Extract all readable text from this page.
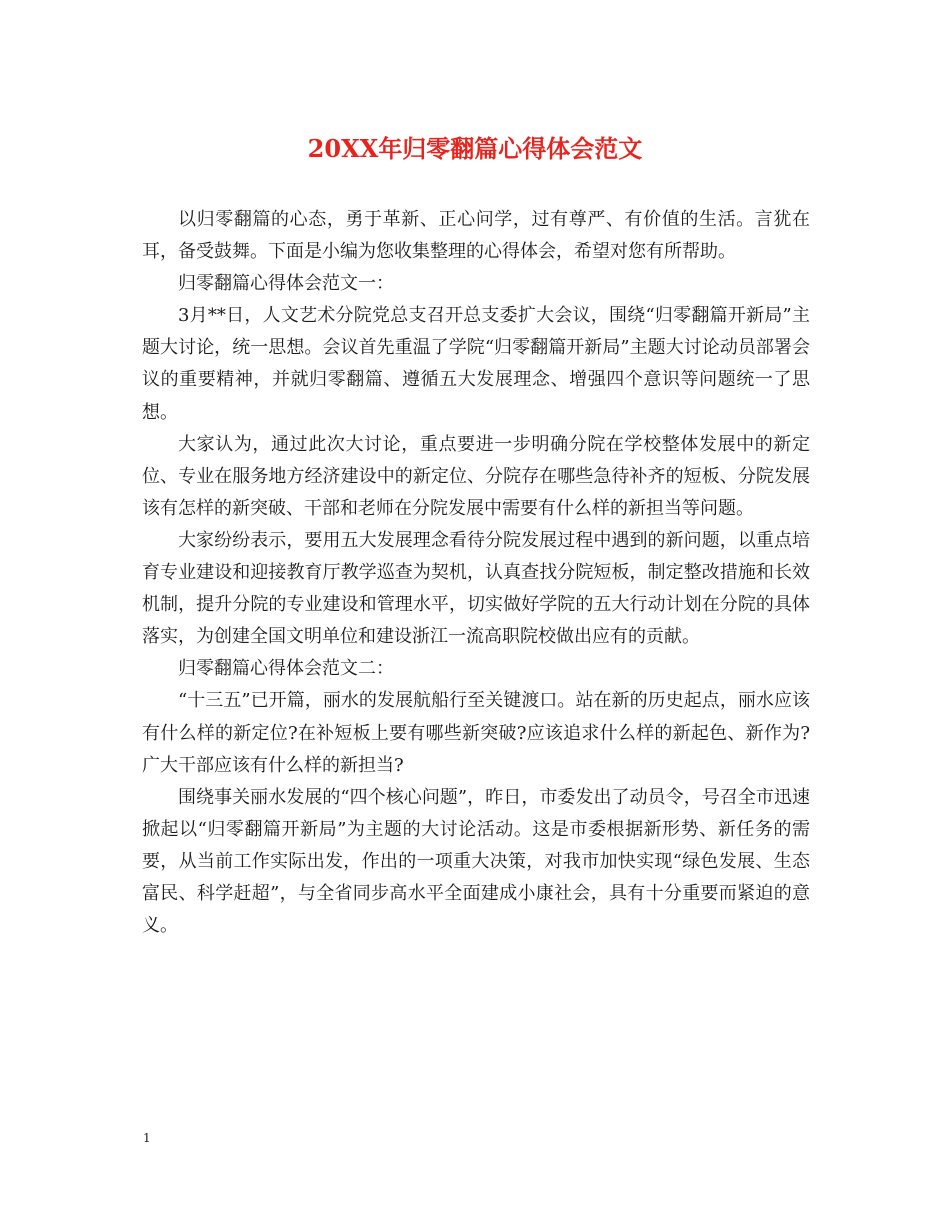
20XX年归零翻篇心得体会范文

以归零翻篇的心态，勇于革新、正心问学，过有尊严、有价值的生活。言犹在耳，备受鼓舞。下面是小编为您收集整理的心得体会，希望对您有所帮助。

归零翻篇心得体会范文一：

3月**日，人文艺术分院党总支召开总支委扩大会议，围绕“归零翻篇开新局”主题大讨论，统一思想。会议首先重温了学院“归零翻篇开新局”主题大讨论动员部署会议的重要精神，并就归零翻篇、遵循五大发展理念、增强四个意识等问题统一了思想。

大家认为，通过此次大讨论，重点要进一步明确分院在学校整体发展中的新定位、专业在服务地方经济建设中的新定位、分院存在哪些急待补齐的短板、分院发展该有怎样的新突破、干部和老师在分院发展中需要有什么样的新担当等问题。

大家纷纷表示，要用五大发展理念看待分院发展过程中遇到的新问题，以重点培育专业建设和迎接教育厅教学巡查为契机，认真查找分院短板，制定整改措施和长效机制，提升分院的专业建设和管理水平，切实做好学院的五大行动计划在分院的具体落实，为创建全国文明单位和建设浙江一流高职院校做出应有的贡献。

归零翻篇心得体会范文二：

“十三五”已开篇，丽水的发展航船行至关键渡口。站在新的历史起点，丽水应该有什么样的新定位?在补短板上要有哪些新突破?应该追求什么样的新起色、新作为?广大干部应该有什么样的新担当?

围绕事关丽水发展的“四个核心问题”，昨日，市委发出了动员令，号召全市迅速掀起以“归零翻篇开新局”为主题的大讨论活动。这是市委根据新形势、新任务的需要，从当前工作实际出发，作出的一项重大决策，对我市加快实现“绿色发展、生态富民、科学赶超”，与全省同步高水平全面建成小康社会，具有十分重要而紧迫的意义。

1
